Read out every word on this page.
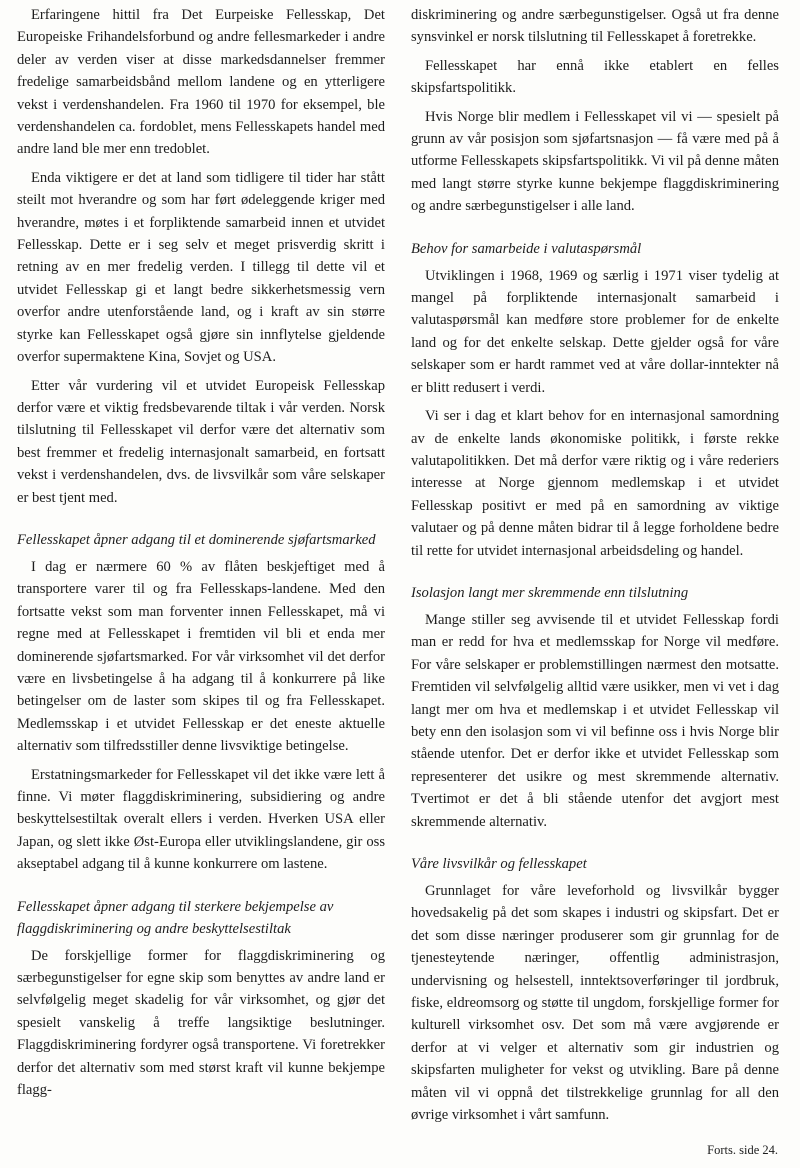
Erfaringene hittil fra Det Eurpeiske Fellesskap, Det Europeiske Frihandelsforbund og andre fellesmarkeder i andre deler av verden viser at disse markedsdannelser fremmer fredelige samarbeidsbånd mellom landene og en ytterligere vekst i verdenshandelen. Fra 1960 til 1970 for eksempel, ble verdenshandelen ca. fordoblet, mens Fellesskapets handel med andre land ble mer enn tredoblet.

Enda viktigere er det at land som tidligere til tider har stått steilt mot hverandre og som har ført ødeleggende kriger med hverandre, møtes i et forpliktende samarbeid innen et utvidet Fellesskap. Dette er i seg selv et meget prisverdig skritt i retning av en mer fredelig verden. I tillegg til dette vil et utvidet Fellesskap gi et langt bedre sikkerhetsmessig vern overfor andre utenforstående land, og i kraft av sin større styrke kan Fellesskapet også gjøre sin innflytelse gjeldende overfor supermaktene Kina, Sovjet og USA.

Etter vår vurdering vil et utvidet Europeisk Fellesskap derfor være et viktig fredsbevarende tiltak i vår verden. Norsk tilslutning til Fellesskapet vil derfor være det alternativ som best fremmer et fredelig internasjonalt samarbeid, en fortsatt vekst i verdenshandelen, dvs. de livsvilkår som våre selskaper er best tjent med.

Fellesskapet åpner adgang til et dominerende sjøfartsmarked

I dag er nærmere 60 % av flåten beskjeftiget med å transportere varer til og fra Fellesskaps-landene. Med den fortsatte vekst som man forventer innen Fellesskapet, må vi regne med at Fellesskapet i fremtiden vil bli et enda mer dominerende sjøfartsmarked. For vår virksomhet vil det derfor være en livsbetingelse å ha adgang til å konkurrere på like betingelser om de laster som skipes til og fra Fellesskapet. Medlemsskap i et utvidet Fellesskap er det eneste aktuelle alternativ som tilfredsstiller denne livsviktige betingelse.

Erstatningsmarkeder for Fellesskapet vil det ikke være lett å finne. Vi møter flaggdiskriminering, subsidiering og andre beskyttelsestiltak overalt ellers i verden. Hverken USA eller Japan, og slett ikke Øst-Europa eller utviklingslandene, gir oss akseptabel adgang til å kunne konkurrere om lastene.

Fellesskapet åpner adgang til sterkere bekjempelse av flaggdiskriminering og andre beskyttelsestiltak

De forskjellige former for flaggdiskriminering og særbegunstigelser for egne skip som benyttes av andre land er selvfølgelig meget skadelig for vår virksomhet, og gjør det spesielt vanskelig å treffe langsiktige beslutninger. Flaggdiskriminering fordyrer også transportene. Vi foretrekker derfor det alternativ som med størst kraft vil kunne bekjempe flagg-

diskriminering og andre særbegunstigelser. Også ut fra denne synsvinkel er norsk tilslutning til Fellesskapet å foretrekke.

Fellesskapet har ennå ikke etablert en felles skipsfartspolitikk.

Hvis Norge blir medlem i Fellesskapet vil vi — spesielt på grunn av vår posisjon som sjøfartsnasjon — få være med på å utforme Fellesskapets skipsfartspolitikk. Vi vil på denne måten med langt større styrke kunne bekjempe flaggdiskriminering og andre særbegunstigelser i alle land.

Behov for samarbeide i valutaspørsmål

Utviklingen i 1968, 1969 og særlig i 1971 viser tydelig at mangel på forpliktende internasjonalt samarbeid i valutaspørsmål kan medføre store problemer for de enkelte land og for det enkelte selskap. Dette gjelder også for våre selskaper som er hardt rammet ved at våre dollar-inntekter nå er blitt redusert i verdi.

Vi ser i dag et klart behov for en internasjonal samordning av de enkelte lands økonomiske politikk, i første rekke valutapolitikken. Det må derfor være riktig og i våre rederiers interesse at Norge gjennom medlemskap i et utvidet Fellesskap positivt er med på en samordning av viktige valutaer og på denne måten bidrar til å legge forholdene bedre til rette for utvidet internasjonal arbeidsdeling og handel.

Isolasjon langt mer skremmende enn tilslutning

Mange stiller seg avvisende til et utvidet Fellesskap fordi man er redd for hva et medlemsskap for Norge vil medføre. For våre selskaper er problemstillingen nærmest den motsatte. Fremtiden vil selvfølgelig alltid være usikker, men vi vet i dag langt mer om hva et medlemskap i et utvidet Fellesskap vil bety enn den isolasjon som vi vil befinne oss i hvis Norge blir stående utenfor. Det er derfor ikke et utvidet Fellesskap som representerer det usikre og mest skremmende alternativ. Tvertimot er det å bli stående utenfor det avgjort mest skremmende alternativ.

Våre livsvilkår og fellesskapet

Grunnlaget for våre leveforhold og livsvilkår bygger hovedsakelig på det som skapes i industri og skipsfart. Det er det som disse næringer produserer som gir grunnlag for de tjenesteytende næringer, offentlig administrasjon, undervisning og helsestell, inntektsoverføringer til jordbruk, fiske, eldreomsorg og støtte til ungdom, forskjellige former for kulturell virksomhet osv. Det som må være avgjørende er derfor at vi velger et alternativ som gir industrien og skipsfarten muligheter for vekst og utvikling. Bare på denne måten vil vi oppnå det tilstrekkelige grunnlag for all den øvrige virksomhet i vårt samfunn.

Forts. side 24.
